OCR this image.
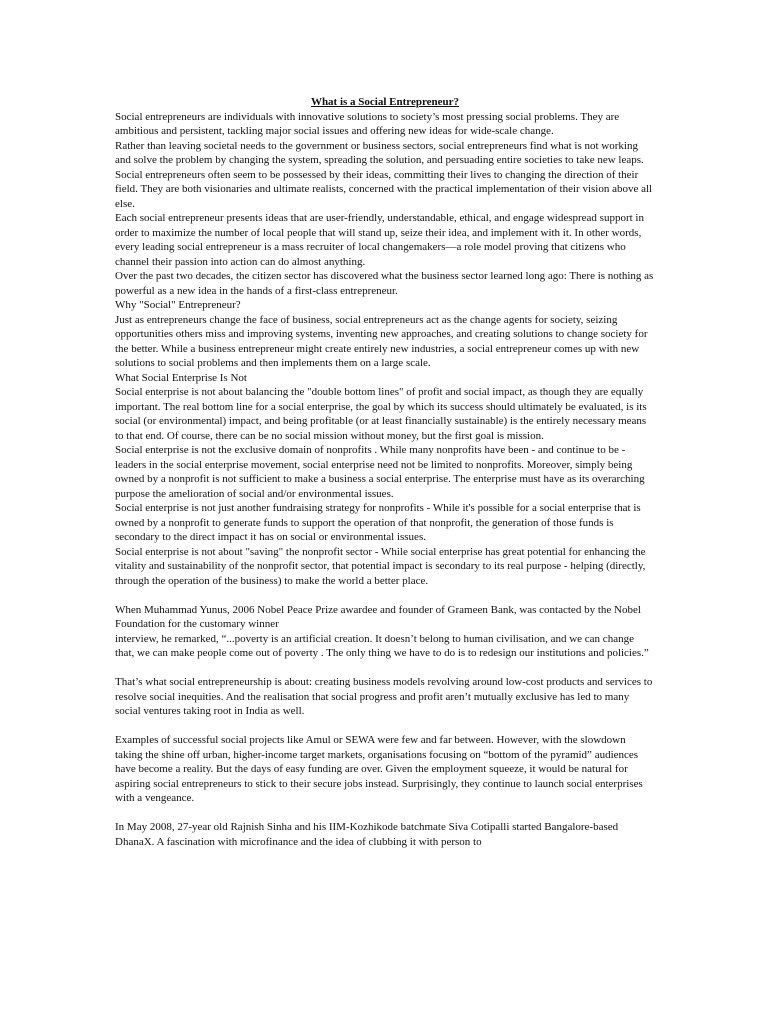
What is a Social Entrepreneur?

Social entrepreneurs are individuals with innovative solutions to society’s most pressing social problems. They are ambitious and persistent, tackling major social issues and offering new ideas for wide-scale change.

Rather than leaving societal needs to the government or business sectors, social entrepreneurs find what is not working and solve the problem by changing the system, spreading the solution, and persuading entire societies to take new leaps.

Social entrepreneurs often seem to be possessed by their ideas, committing their lives to changing the direction of their field. They are both visionaries and ultimate realists, concerned with the practical implementation of their vision above all else.

Each social entrepreneur presents ideas that are user-friendly, understandable, ethical, and engage widespread support in order to maximize the number of local people that will stand up, seize their idea, and implement with it. In other words, every leading social entrepreneur is a mass recruiter of local changemakers—a role model proving that citizens who channel their passion into action can do almost anything.

Over the past two decades, the citizen sector has discovered what the business sector learned long ago: There is nothing as powerful as a new idea in the hands of a first-class entrepreneur.

Why "Social" Entrepreneur?

Just as entrepreneurs change the face of business, social entrepreneurs act as the change agents for society, seizing opportunities others miss and improving systems, inventing new approaches, and creating solutions to change society for the better. While a business entrepreneur might create entirely new industries, a social entrepreneur comes up with new solutions to social problems and then implements them on a large scale.

What Social Enterprise Is Not

Social enterprise is not about balancing the "double bottom lines" of profit and social impact, as though they are equally important. The real bottom line for a social enterprise, the goal by which its success should ultimately be evaluated, is its social (or environmental) impact, and being profitable (or at least financially sustainable) is the entirely necessary means to that end. Of course, there can be no social mission without money, but the first goal is mission.

Social enterprise is not the exclusive domain of nonprofits . While many nonprofits have been - and continue to be - leaders in the social enterprise movement, social enterprise need not be limited to nonprofits. Moreover, simply being owned by a nonprofit is not sufficient to make a business a social enterprise. The enterprise must have as its overarching purpose the amelioration of social and/or environmental issues.

Social enterprise is not just another fundraising strategy for nonprofits - While it's possible for a social enterprise that is owned by a nonprofit to generate funds to support the operation of that nonprofit, the generation of those funds is secondary to the direct impact it has on social or environmental issues.

Social enterprise is not about "saving" the nonprofit sector - While social enterprise has great potential for enhancing the vitality and sustainability of the nonprofit sector, that potential impact is secondary to its real purpose - helping (directly, through the operation of the business) to make the world a better place.

When Muhammad Yunus, 2006 Nobel Peace Prize awardee and founder of Grameen Bank, was contacted by the Nobel Foundation for the customary winner

interview, he remarked, “...poverty is an artificial creation. It doesn’t belong to human civilisation, and we can change that, we can make people come out of poverty . The only thing we have to do is to redesign our institutions and policies.”

That’s what social entrepreneurship is about: creating business models revolving around low-cost products and services to resolve social inequities. And the realisation that social progress and profit aren’t mutually exclusive has led to many social ventures taking root in India as well.

Examples of successful social projects like Amul or SEWA were few and far between. However, with the slowdown taking the shine off urban, higher-income target markets, organisations focusing on “bottom of the pyramid” audiences have become a reality. But the days of easy funding are over. Given the employment squeeze, it would be natural for aspiring social entrepreneurs to stick to their secure jobs instead. Surprisingly, they continue to launch social enterprises with a vengeance.

In May 2008, 27-year old Rajnish Sinha and his IIM-Kozhikode batchmate Siva Cotipalli started Bangalore-based DhanaX. A fascination with microfinance and the idea of clubbing it with person to
